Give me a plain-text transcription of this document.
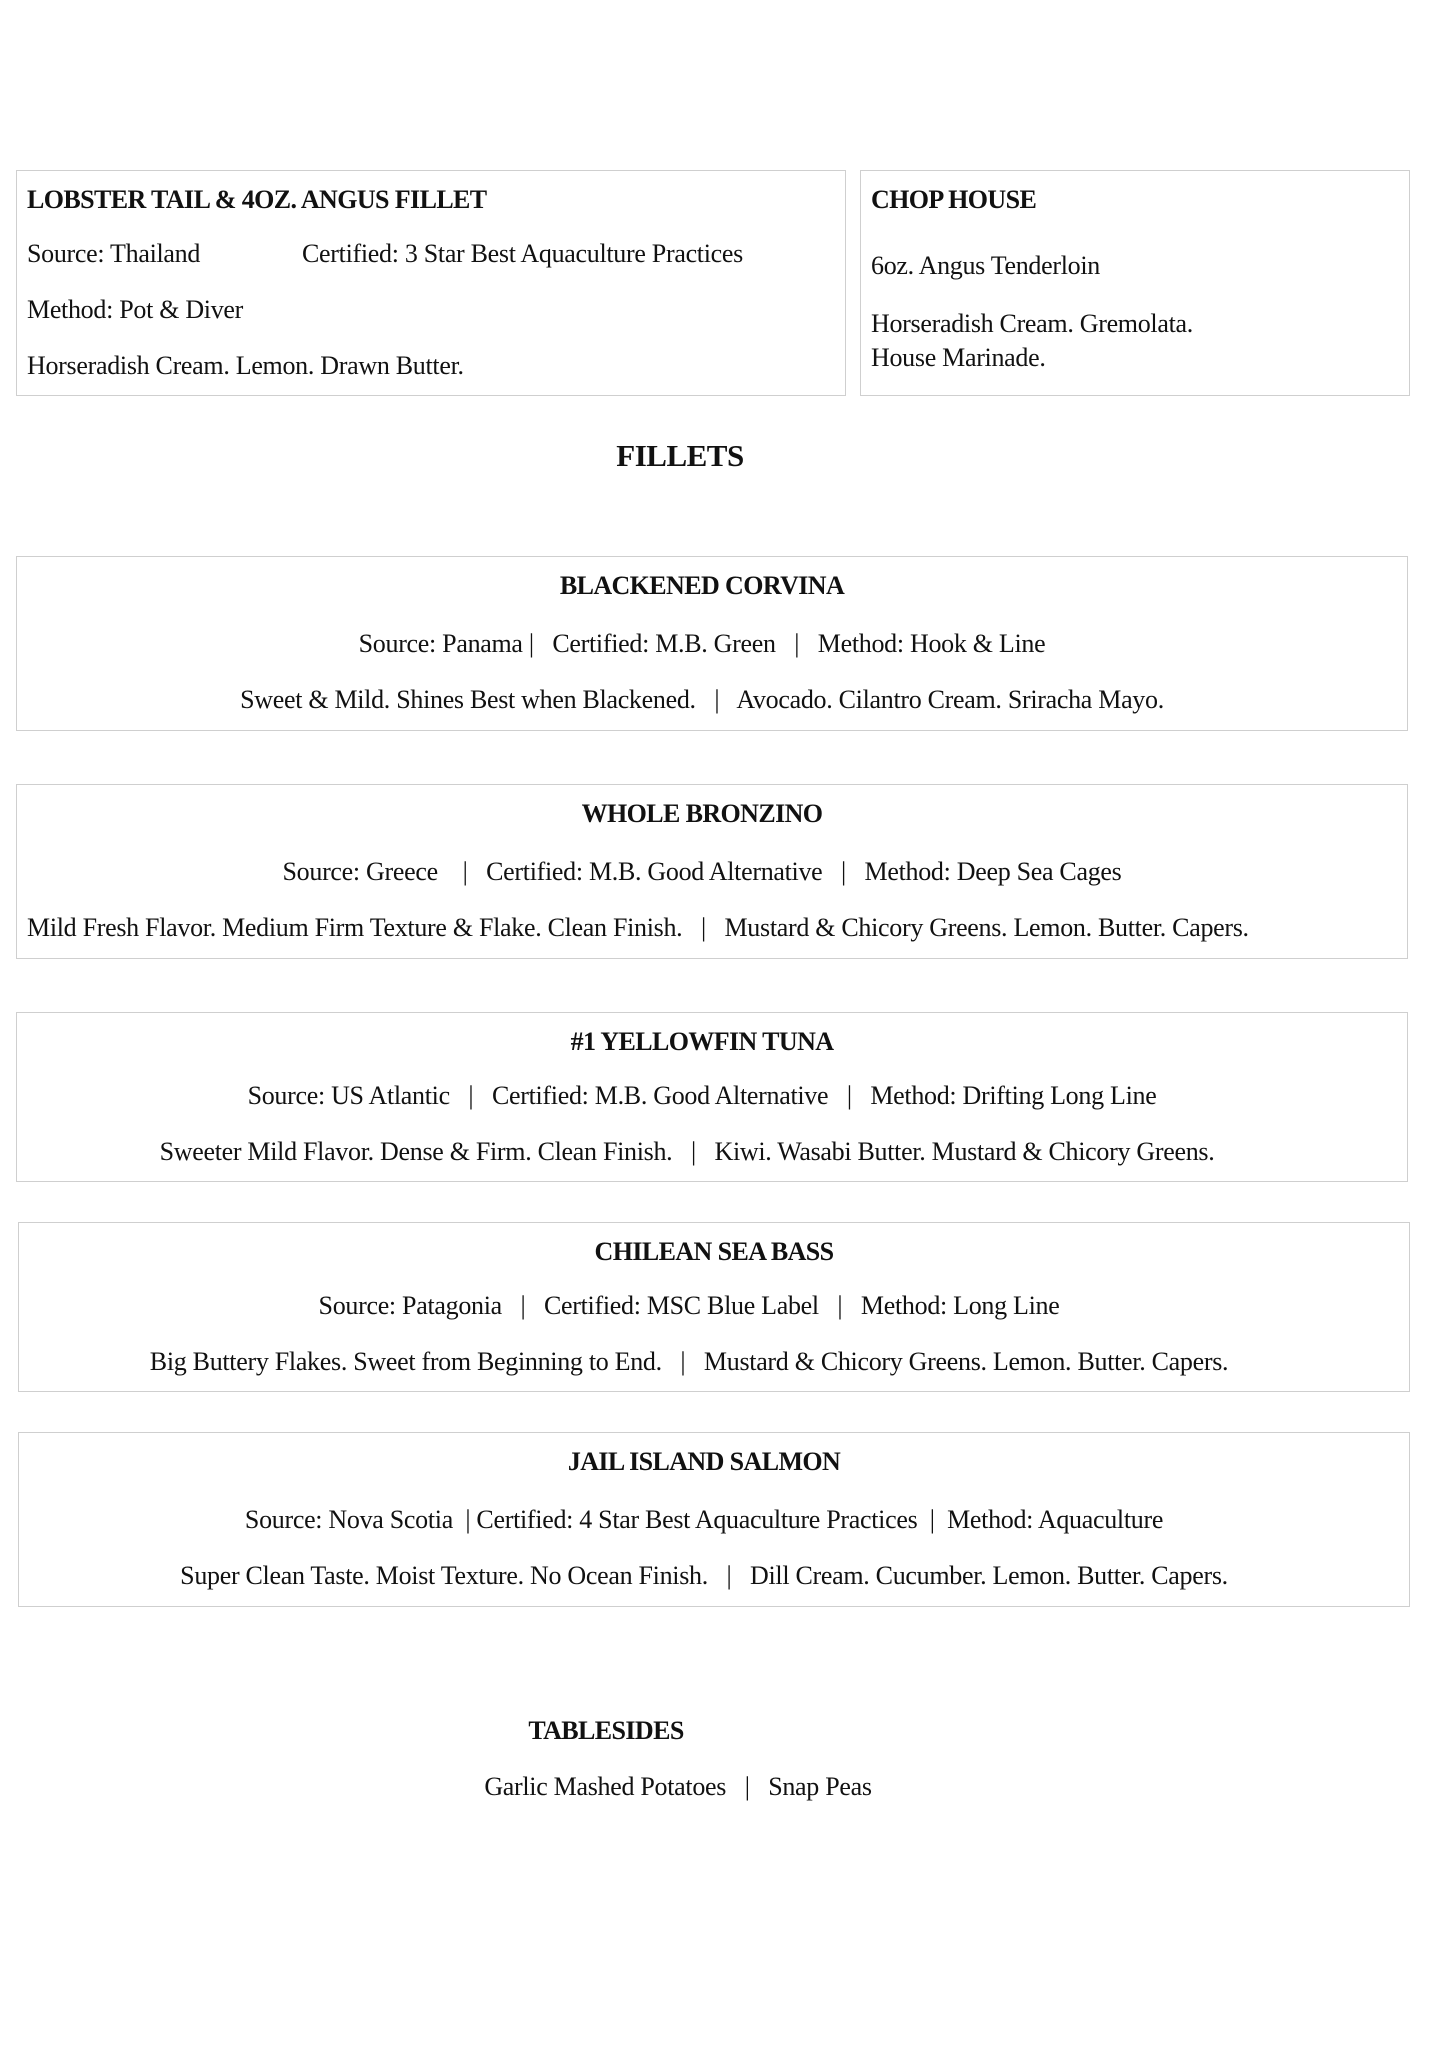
LOBSTER TAIL & 4OZ. ANGUS FILLET
Source: Thailand	Certified: 3 Star Best Aquaculture Practices
Method: Pot & Diver
Horseradish Cream. Lemon. Drawn Butter.
CHOP HOUSE
6oz. Angus Tenderloin
Horseradish Cream. Gremolata.
House Marinade.
FILLETS
BLACKENED CORVINA
Source: Panama |   Certified: M.B. Green   |   Method: Hook & Line
Sweet & Mild. Shines Best when Blackened.   |   Avocado. Cilantro Cream. Sriracha Mayo.
WHOLE BRONZINO
Source: Greece    |   Certified: M.B. Good Alternative   |   Method: Deep Sea Cages
Mild Fresh Flavor. Medium Firm Texture & Flake. Clean Finish.   |   Mustard & Chicory Greens. Lemon. Butter. Capers.
#1 YELLOWFIN TUNA
Source: US Atlantic   |   Certified: M.B. Good Alternative   |   Method: Drifting Long Line
Sweeter Mild Flavor. Dense & Firm. Clean Finish.   |   Kiwi. Wasabi Butter. Mustard & Chicory Greens.
CHILEAN SEA BASS
Source: Patagonia   |   Certified: MSC Blue Label   |   Method: Long Line
Big Buttery Flakes. Sweet from Beginning to End.   |   Mustard & Chicory Greens. Lemon. Butter. Capers.
JAIL ISLAND SALMON
Source: Nova Scotia  | Certified: 4 Star Best Aquaculture Practices  |  Method: Aquaculture
Super Clean Taste. Moist Texture. No Ocean Finish.   |   Dill Cream. Cucumber. Lemon. Butter. Capers.
TABLESIDES
Garlic Mashed Potatoes   |   Snap Peas
